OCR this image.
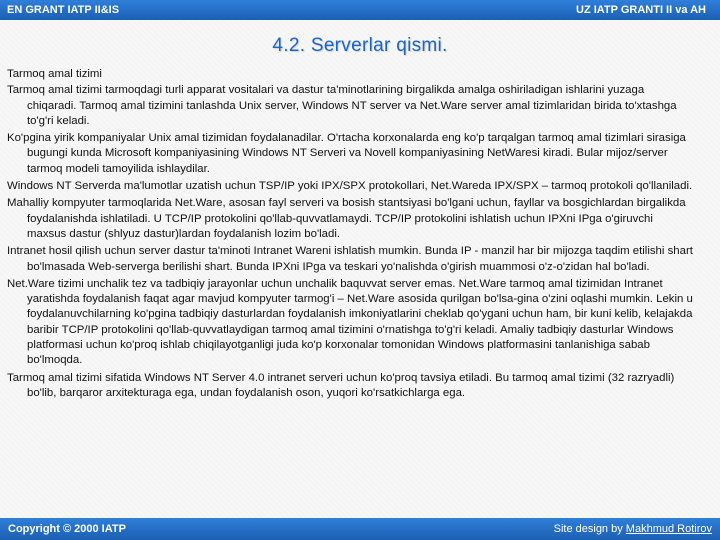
EN GRANT IATP II&IS	UZ IATP GRANTI II va AH
4.2. Serverlar qismi.
Tarmoq amal tizimi

Tarmoq amal tizimi tarmoqdagi turli apparat vositalari va dastur ta'minotlarining birgalikda amalga oshiriladigan ishlarini yuzaga chiqaradi. Tarmoq amal tizimini tanlashda Unix server, Windows NT server va Net.Ware server amal tizimlaridan birida to'xtashga to'g'ri keladi.

Ko'pgina yirik kompaniyalar Unix amal tizimidan foydalanadilar. O'rtacha korxonalarda eng ko'p tarqalgan tarmoq amal tizimlari sirasiga bugungi kunda Microsoft kompaniyasining Windows NT Serveri va Novell kompaniyasining NetWaresi kiradi. Bular mijoz/server tarmoq modeli tamoyilida ishlaydilar.

Windows NT Serverda ma'lumotlar uzatish uchun TSP/IP yoki IPX/SPX protokollari, Net.Wareda IPX/SPX – tarmoq protokoli qo'llaniladi.

Mahalliy kompyuter tarmoqlarida Net.Ware, asosan fayl serveri va bosish stantsiyasi bo'lgani uchun, fayllar va bosgichlardan birgalikda foydalanishda ishlatiladi. U TCP/IP protokolini qo'llab-quvvatlamaydi. TCP/IP protokolini ishlatish uchun IPXni IPga o'giruvchi maxsus dastur (shlyuz dastur)lardan foydalanish lozim bo'ladi.

Intranet hosil qilish uchun server dastur ta'minoti Intranet Wareni ishlatish mumkin. Bunda IP - manzil har bir mijozga taqdim etilishi shart bo'lmasada Web-serverga berilishi shart. Bunda IPXni IPga va teskari yo'nalishda o'girish muammosi o'z-o'zidan hal bo'ladi.

Net.Ware tizimi unchalik tez va tadbiqiy jarayonlar uchun unchalik baquvvat server emas. Net.Ware tarmoq amal tizimidan Intranet yaratishda foydalanish faqat agar mavjud kompyuter tarmog'i – Net.Ware asosida qurilgan bo'lsa-gina o'zini oqlashi mumkin. Lekin u foydalanuvchilarning ko'pgina tadbiqiy dasturlardan foydalanish imkoniyatlarini cheklab qo'ygani uchun ham, bir kuni kelib, kelajakda baribir TCP/IP protokolini qo'llab-quvvatlaydigan tarmoq amal tizimini o'rnatishga to'g'ri keladi. Amaliy tadbiqiy dasturlar Windows platformasi uchun ko'proq ishlab chiqilayotganligi juda ko'p korxonalar tomonidan Windows platformasini tanlanishiga sabab bo'lmoqda.

Tarmoq amal tizimi sifatida Windows NT Server 4.0 intranet serveri uchun ko'proq tavsiya etiladi. Bu tarmoq amal tizimi (32 razryadli) bo'lib, barqaror arxitekturaga ega, undan foydalanish oson, yuqori ko'rsatkichlarga ega.

Copyright © 2000 IATP	Site design by Makhmud Rotirov
